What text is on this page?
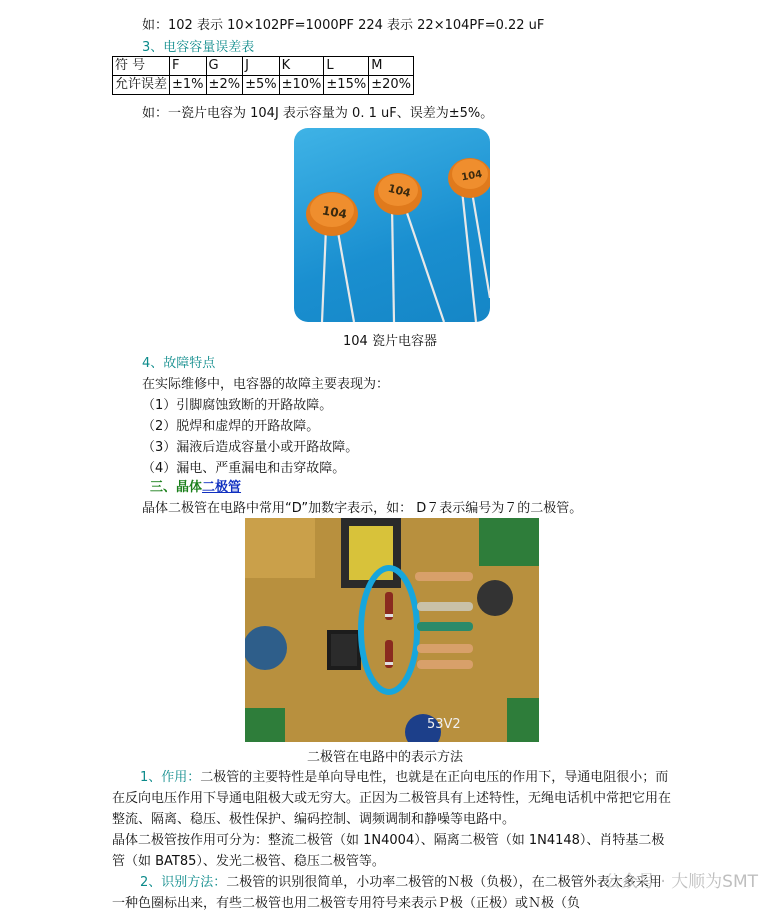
如：102 表示 10×102PF=1000PF 224 表示 22×104PF=0.22 uF
3、电容容量误差表
符 号	F	G	J	K	L	M
允许误差	±1%	±2%	±5%	±10%	±15%	±20%
如：一瓷片电容为 104J 表示容量为 0. 1 uF、误差为±5%。
104
104
104
104 瓷片电容器
4、故障特点
在实际维修中，电容器的故障主要表现为：
（1）引脚腐蚀致断的开路故障。
（2）脱焊和虚焊的开路故障。
（3）漏液后造成容量小或开路故障。
（4）漏电、严重漏电和击穿故障。
三、晶体二极管
晶体二极管在电路中常用“D”加数字表示，如： D７表示编号为７的二极管。
53V2
二极管在电路中的表示方法
1、作用：二极管的主要特性是单向导电性，也就是在正向电压的作用下，导通电阻很小；而在反向电压作用下导通电阻极大或无穷大。正因为二极管具有上述特性，无绳电话机中常把它用在整流、隔离、稳压、极性保护、编码控制、调频调制和静噪等电路中。
晶体二极管按作用可分为：整流二极管（如 1N4004）、隔离二极管（如 1N4148）、肖特基二极管（如 BAT85）、发光二极管、稳压二极管等。
2、识别方法：二极管的识别很简单，小功率二极管的Ｎ极（负极），在二极管外表大多采用一种色圈标出来，有些二极管也用二极管专用符号来表示Ｐ极（正极）或Ｎ极（负
公众号 · 大顺为SMT
